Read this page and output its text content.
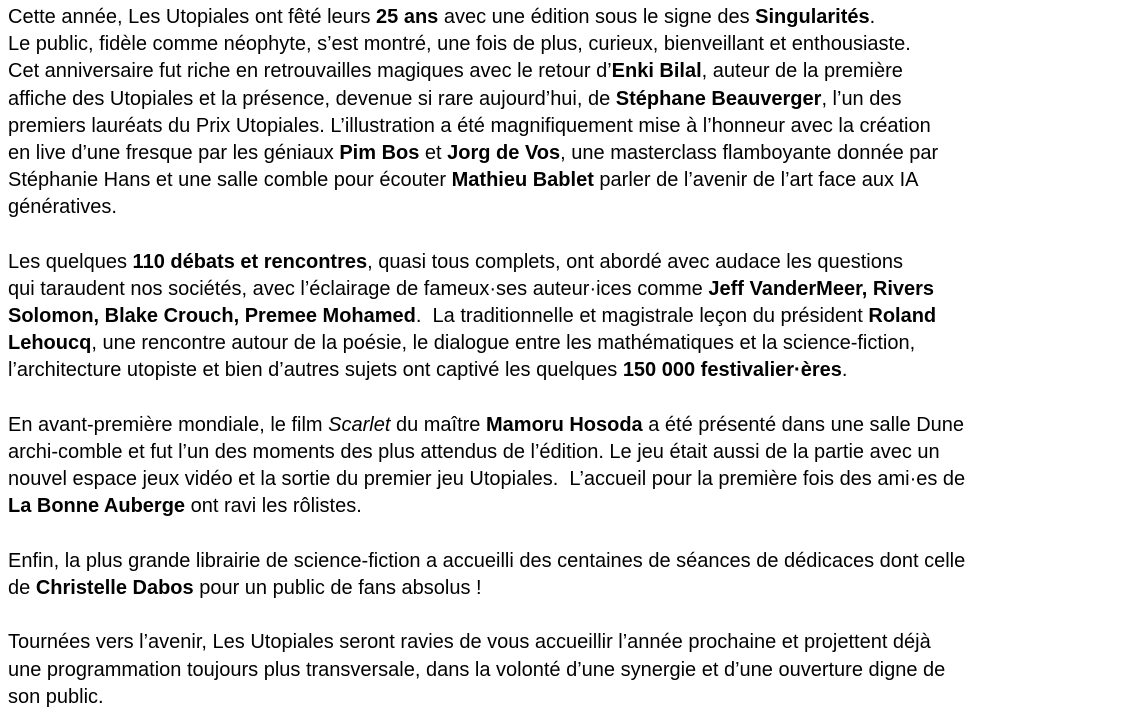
Cette année, Les Utopiales ont fêté leurs 25 ans avec une édition sous le signe des Singularités.
Le public, fidèle comme néophyte, s’est montré, une fois de plus, curieux, bienveillant et enthousiaste.
Cet anniversaire fut riche en retrouvailles magiques avec le retour d’Enki Bilal, auteur de la première
affiche des Utopiales et la présence, devenue si rare aujourd’hui, de Stéphane Beauverger, l’un des
premiers lauréats du Prix Utopiales. L’illustration a été magnifiquement mise à l’honneur avec la création
en live d’une fresque par les géniaux Pim Bos et Jorg de Vos, une masterclass flamboyante donnée par
Stéphanie Hans et une salle comble pour écouter Mathieu Bablet parler de l’avenir de l’art face aux IA
génératives.
Les quelques 110 débats et rencontres, quasi tous complets, ont abordé avec audace les questions
qui taraudent nos sociétés, avec l’éclairage de fameux·ses auteur·ices comme Jeff VanderMeer, Rivers
Solomon, Blake Crouch, Premee Mohamed.  La traditionnelle et magistrale leçon du président Roland
Lehoucq, une rencontre autour de la poésie, le dialogue entre les mathématiques et la science-fiction,
l’architecture utopiste et bien d’autres sujets ont captivé les quelques 150 000 festivalier·ères.
En avant-première mondiale, le film Scarlet du maître Mamoru Hosoda a été présenté dans une salle Dune
archi-comble et fut l’un des moments des plus attendus de l’édition. Le jeu était aussi de la partie avec un
nouvel espace jeux vidéo et la sortie du premier jeu Utopiales.  L’accueil pour la première fois des ami·es de
La Bonne Auberge ont ravi les rôlistes.
Enfin, la plus grande librairie de science-fiction a accueilli des centaines de séances de dédicaces dont celle
de Christelle Dabos pour un public de fans absolus !
Tournées vers l’avenir, Les Utopiales seront ravies de vous accueillir l’année prochaine et projettent déjà
une programmation toujours plus transversale, dans la volonté d’une synergie et d’une ouverture digne de
son public.
